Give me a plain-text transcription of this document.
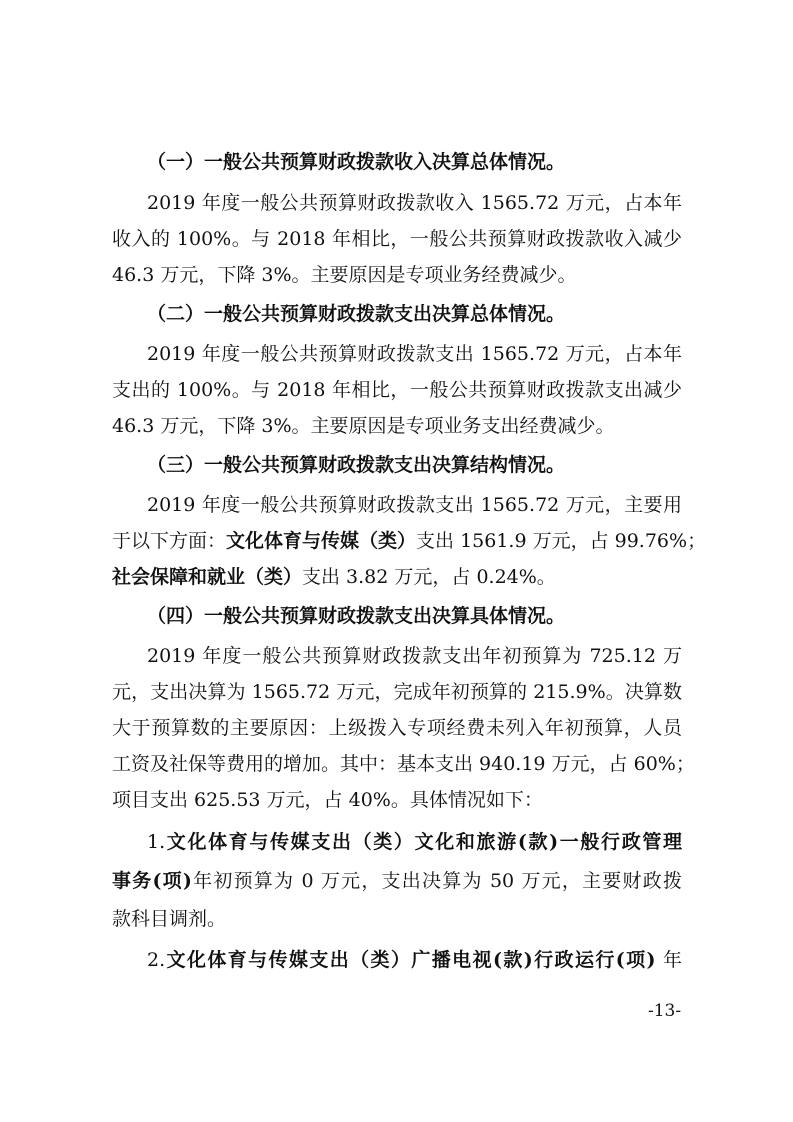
（一）一般公共预算财政拨款收入决算总体情况。
2019 年度一般公共预算财政拨款收入 1565.72 万元，占本年
收入的 100%。与 2018 年相比，一般公共预算财政拨款收入减少
46.3 万元，下降 3%。主要原因是专项业务经费减少。
（二）一般公共预算财政拨款支出决算总体情况。
2019 年度一般公共预算财政拨款支出 1565.72 万元，占本年
支出的 100%。与 2018 年相比，一般公共预算财政拨款支出减少
46.3 万元，下降 3%。主要原因是专项业务支出经费减少。
（三）一般公共预算财政拨款支出决算结构情况。
2019 年度一般公共预算财政拨款支出 1565.72 万元，主要用
于以下方面：文化体育与传媒（类）支出 1561.9 万元，占 99.76%；
社会保障和就业（类）支出 3.82 万元，占 0.24%。
（四）一般公共预算财政拨款支出决算具体情况。
2019 年度一般公共预算财政拨款支出年初预算为 725.12 万
元，支出决算为 1565.72 万元，完成年初预算的 215.9%。决算数
大于预算数的主要原因：上级拨入专项经费未列入年初预算，人员
工资及社保等费用的增加。其中：基本支出 940.19 万元，占 60%；
项目支出 625.53 万元，占 40%。具体情况如下：
1.文化体育与传媒支出（类）文化和旅游(款)一般行政管理
事务(项)年初预算为 0 万元，支出决算为 50 万元，主要财政拨
款科目调剂。
2.文化体育与传媒支出（类）广播电视(款)行政运行(项) 年
-13-
